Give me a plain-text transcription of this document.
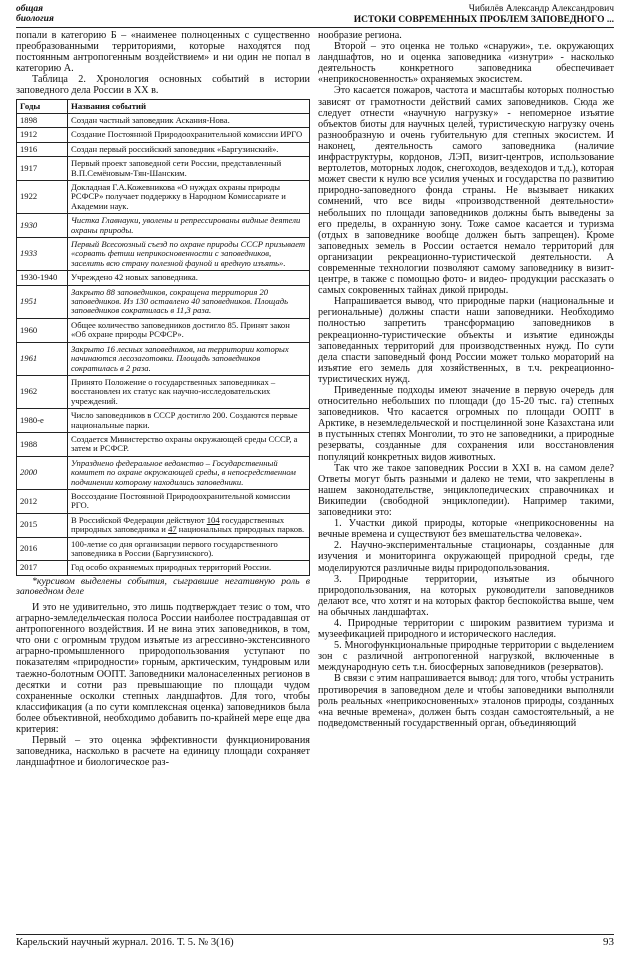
общая биология
Чибилёв Александр Александрович
ИСТОКИ СОВРЕМЕННЫХ ПРОБЛЕМ ЗАПОВЕДНОГО ...

попали в категорию Б – «наименее полноценных с существенно преобразованными территориями, которые находятся под постоянным антропогенным воздействием» и ни один не попал в категорию А.

Таблица 2. Хронология основных событий в истории заповедного дела России в XX в.

Годы	Названия событий
1898	Создан частный заповедник Аскания-Нова.
1912	Создание Постоянной Природоохранительной комиссии ИРГО
1916	Создан первый российский заповедник «Баргузинский».
1917	Первый проект заповедной сети России, представленный В.П.Семёновым-Тян-Шанским.
1922	Докладная Г.А.Кожевникова «О нуждах охраны природы РСФСР» получает поддержку в Народном Комиссариате и Академии наук.
1930	Чистка Главнауки, уволены и репрессированы видные деятели охраны природы.
1933	Первый Всесоюзный съезд по охране природы СССР призывает «сорвать фетиш неприкосновенности с заповедников, заселить всю страну полезной фауной и вредную изъять».
1930-1940	Учреждено 42 новых заповедника.
1951	Закрыто 88 заповедников, сокращена территория 20 заповедников. Из 130 оставлено 40 заповедников. Площадь заповедников сократилась в 11,3 раза.
1960	Общее количество заповедников достигло 85. Принят закон «Об охране природы РСФСР».
1961	Закрыто 16 лесных заповедников, на территории которых начинаются лесозаготовки. Площадь заповедников сократилась в 2 раза.
1962	Принято Положение о государственных заповедниках – восстановлен их статус как научно-исследовательских учреждений.
1980-е	Число заповедников в СССР достигло 200. Создаются первые национальные парки.
1988	Создается Министерство охраны окружающей среды СССР, а затем и РСФСР.
2000	Упразднено федеральное ведомство – Государственный комитет по охране окружающей среды, в непосредственном подчинении которому находились заповедники.
2012	Воссоздание Постоянной Природоохранительной комиссии РГО.
2015	В Российской Федерации действуют 104 государственных природных заповедника и 47 национальных природных парков.
2016	100-летие со дня организации первого государственного заповедника в России (Баргузинского).
2017	Год особо охраняемых природных территорий России.

*курсивом выделены события, сыгравшие негативную роль в заповедном деле

И это не удивительно, это лишь подтверждает тезис о том, что аграрно-земледельческая полоса России наиболее пострадавшая от антропогенного воздействия. И не вина этих заповедников, в том, что они с огромным трудом изъятые из агрессивно-экстенсивного аграрно-промышленного природопользования уступают по показателям «природности» горным, арктическим, тундровым или таежно-болотным ООПТ. Заповедники малонаселенных регионов в десятки и сотни раз превышающие по площади чудом сохраненные осколки степных ландшафтов. Для того, чтобы классификация (а по сути комплексная оценка) заповедников была более объективной, необходимо добавить по-крайней мере еще два критерия:

Первый – это оценка эффективности функционирования заповедника, насколько в расчете на единицу площади сохраняет ландшафтное и биологическое раз-

нообразие региона.

Второй – это оценка не только «снаружи», т.е. окружающих ландшафтов, но и оценка заповедника «изнутри» - насколько деятельность конкретного заповедника обеспечивает «неприкосновенность» охраняемых экосистем.

Это касается пожаров, частота и масштабы которых полностью зависят от грамотности действий самих заповедников. Сюда же следует отнести «научную нагрузку» - непомерное изъятие объектов биоты для научных целей, туристическую нагрузку очень разнообразную и очень губительную для степных экосистем. И наконец, деятельность самого заповедника (наличие инфраструктуры, кордонов, ЛЭП, визит-центров, использование вертолетов, моторных лодок, снегоходов, вездеходов и т.д.), которая может свести к нулю все усилия ученых и государства по развитию природно-заповедного фонда страны. Не вызывает никаких сомнений, что все виды «производственной деятельности» небольших по площади заповедников должны быть выведены за его пределы, в охранную зону. Тоже самое касается и туризма (отдых в заповеднике вообще должен быть запрещен). Кроме заповедных земель в России остается немало территорий для организации рекреационно-туристической деятельности. А современные технологии позволяют самому заповеднику в визит-центре, в также с помощью фото- и видео- продукции рассказать о самых сокровенных тайнах дикой природы.

Напрашивается вывод, что природные парки (национальные и региональные) должны спасти наши заповедники. Необходимо полностью запретить трансформацию заповедников в рекреационно-туристические объекты и изъятие единожды заповеданных территорий для производственных нужд. По сути дела спасти заповедный фонд России может только мораторий на изъятие его земель для хозяйственных, в т.ч. рекреационно-туристических нужд.

Приведенные подходы имеют значение в первую очередь для относительно небольших по площади (до 15-20 тыс. га) степных заповедников. Что касается огромных по площади ООПТ в Арктике, в неземледельческой и постцелинной зоне Казахстана или в пустынных степях Монголии, то это не заповедники, а природные резерваты, созданные для сохранения или восстановления популяций конкретных видов животных.

Так что же такое заповедник России в XXI в. на самом деле? Ответы могут быть разными и далеко не теми, что закреплены в нашем законодательстве, энциклопедических справочниках и Википедии (свободной энциклопедии). Например такими, заповедники это:

1. Участки дикой природы, которые «неприкосновенны на вечные времена и существуют без вмешательства человека».

2. Научно-экспериментальные стационары, созданные для изучения и мониторинга окружающей природной среды, где моделируются различные виды природопользования.

3. Природные территории, изъятые из обычного природопользования, на которых руководители заповедников делают все, что хотят и на которых фактор беспокойства выше, чем на обычных ландшафтах.

4. Природные территории с широким развитием туризма и музеефикацией природного и исторического наследия.

5. Многофункциональные природные территории с выделением зон с различной антропогенной нагрузкой, включенные в международную сеть т.н. биосферных заповедников (резерватов).

В связи с этим напрашивается вывод: для того, чтобы устранить противоречия в заповедном деле и чтобы заповедники выполняли роль реальных «неприкосновенных» эталонов природы, созданных «на вечные времена», должен быть создан самостоятельный, а не подведомственный государственный орган, объединяющий

Карельский научный журнал. 2016. Т. 5. № 3(16)	93
